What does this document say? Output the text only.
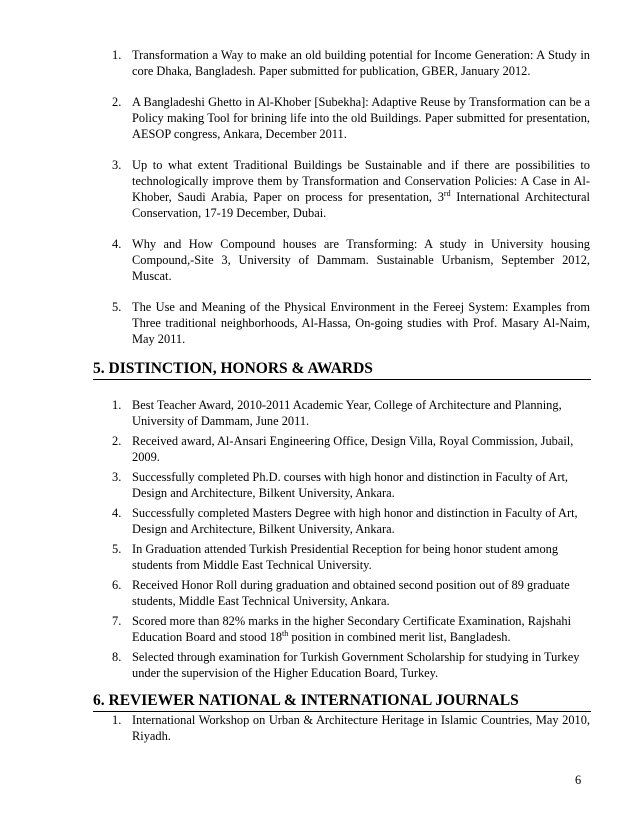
1. Transformation a Way to make an old building potential for Income Generation: A Study in core Dhaka, Bangladesh. Paper submitted for publication, GBER, January 2012.
2. A Bangladeshi Ghetto in Al-Khober [Subekha]: Adaptive Reuse by Transformation can be a Policy making Tool for brining life into the old Buildings. Paper submitted for presentation, AESOP congress, Ankara, December 2011.
3. Up to what extent Traditional Buildings be Sustainable and if there are possibilities to technologically improve them by Transformation and Conservation Policies: A Case in Al-Khober, Saudi Arabia, Paper on process for presentation, 3rd International Architectural Conservation, 17-19 December, Dubai.
4. Why and How Compound houses are Transforming: A study in University housing Compound,-Site 3, University of Dammam. Sustainable Urbanism, September 2012, Muscat.
5. The Use and Meaning of the Physical Environment in the Fereej System: Examples from Three traditional neighborhoods, Al-Hassa, On-going studies with Prof. Masary Al-Naim, May 2011.
5. DISTINCTION, HONORS & AWARDS
1. Best Teacher Award, 2010-2011 Academic Year, College of Architecture and Planning, University of Dammam, June 2011.
2. Received award, Al-Ansari Engineering Office, Design Villa, Royal Commission, Jubail, 2009.
3. Successfully completed Ph.D. courses with high honor and distinction in Faculty of Art, Design and Architecture, Bilkent University, Ankara.
4. Successfully completed Masters Degree with high honor and distinction in Faculty of Art, Design and Architecture, Bilkent University, Ankara.
5. In Graduation attended Turkish Presidential Reception for being honor student among students from Middle East Technical University.
6. Received Honor Roll during graduation and obtained second position out of 89 graduate students, Middle East Technical University, Ankara.
7. Scored more than 82% marks in the higher Secondary Certificate Examination, Rajshahi Education Board and stood 18th position in combined merit list, Bangladesh.
8. Selected through examination for Turkish Government Scholarship for studying in Turkey under the supervision of the Higher Education Board, Turkey.
6. REVIEWER NATIONAL & INTERNATIONAL JOURNALS
1. International Workshop on Urban & Architecture Heritage in Islamic Countries, May 2010, Riyadh.
6
